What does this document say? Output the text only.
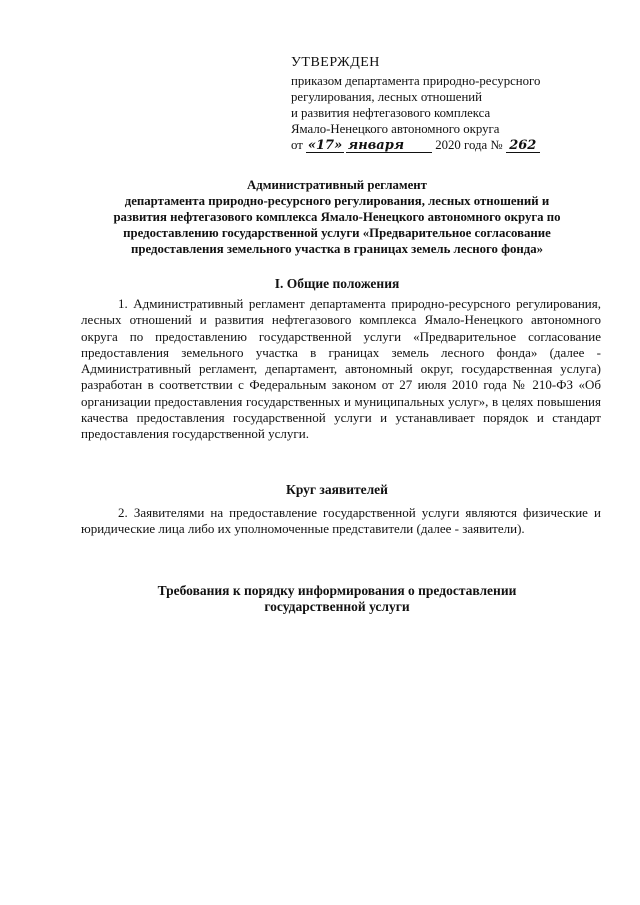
УТВЕРЖДЕН
приказом департамента природно-ресурсного
регулирования, лесных отношений
и развития нефтегазового комплекса
Ямало-Ненецкого автономного округа
от «17» января 2020 года № 262
Административный регламент
департамента природно-ресурсного регулирования, лесных отношений и
развития нефтегазового комплекса Ямало-Ненецкого автономного округа по
предоставлению государственной услуги «Предварительное согласование
предоставления земельного участка в границах земель лесного фонда»
I. Общие положения

1. Административный регламент департамента природно-ресурсного регулирования, лесных отношений и развития нефтегазового комплекса Ямало-Ненецкого автономного округа по предоставлению государственной услуги «Предварительное согласование предоставления земельного участка в границах земель лесного фонда» (далее - Административный регламент, департамент, автономный округ, государственная услуга) разработан в соответствии с Федеральным законом от 27 июля 2010 года № 210-ФЗ «Об организации предоставления государственных и муниципальных услуг», в целях повышения качества предоставления государственной услуги и устанавливает порядок и стандарт предоставления государственной услуги.

Круг заявителей

2. Заявителями на предоставление государственной услуги являются физические и юридические лица либо их уполномоченные представители (далее - заявители).

Требования к порядку информирования о предоставлении
государственной услуги
